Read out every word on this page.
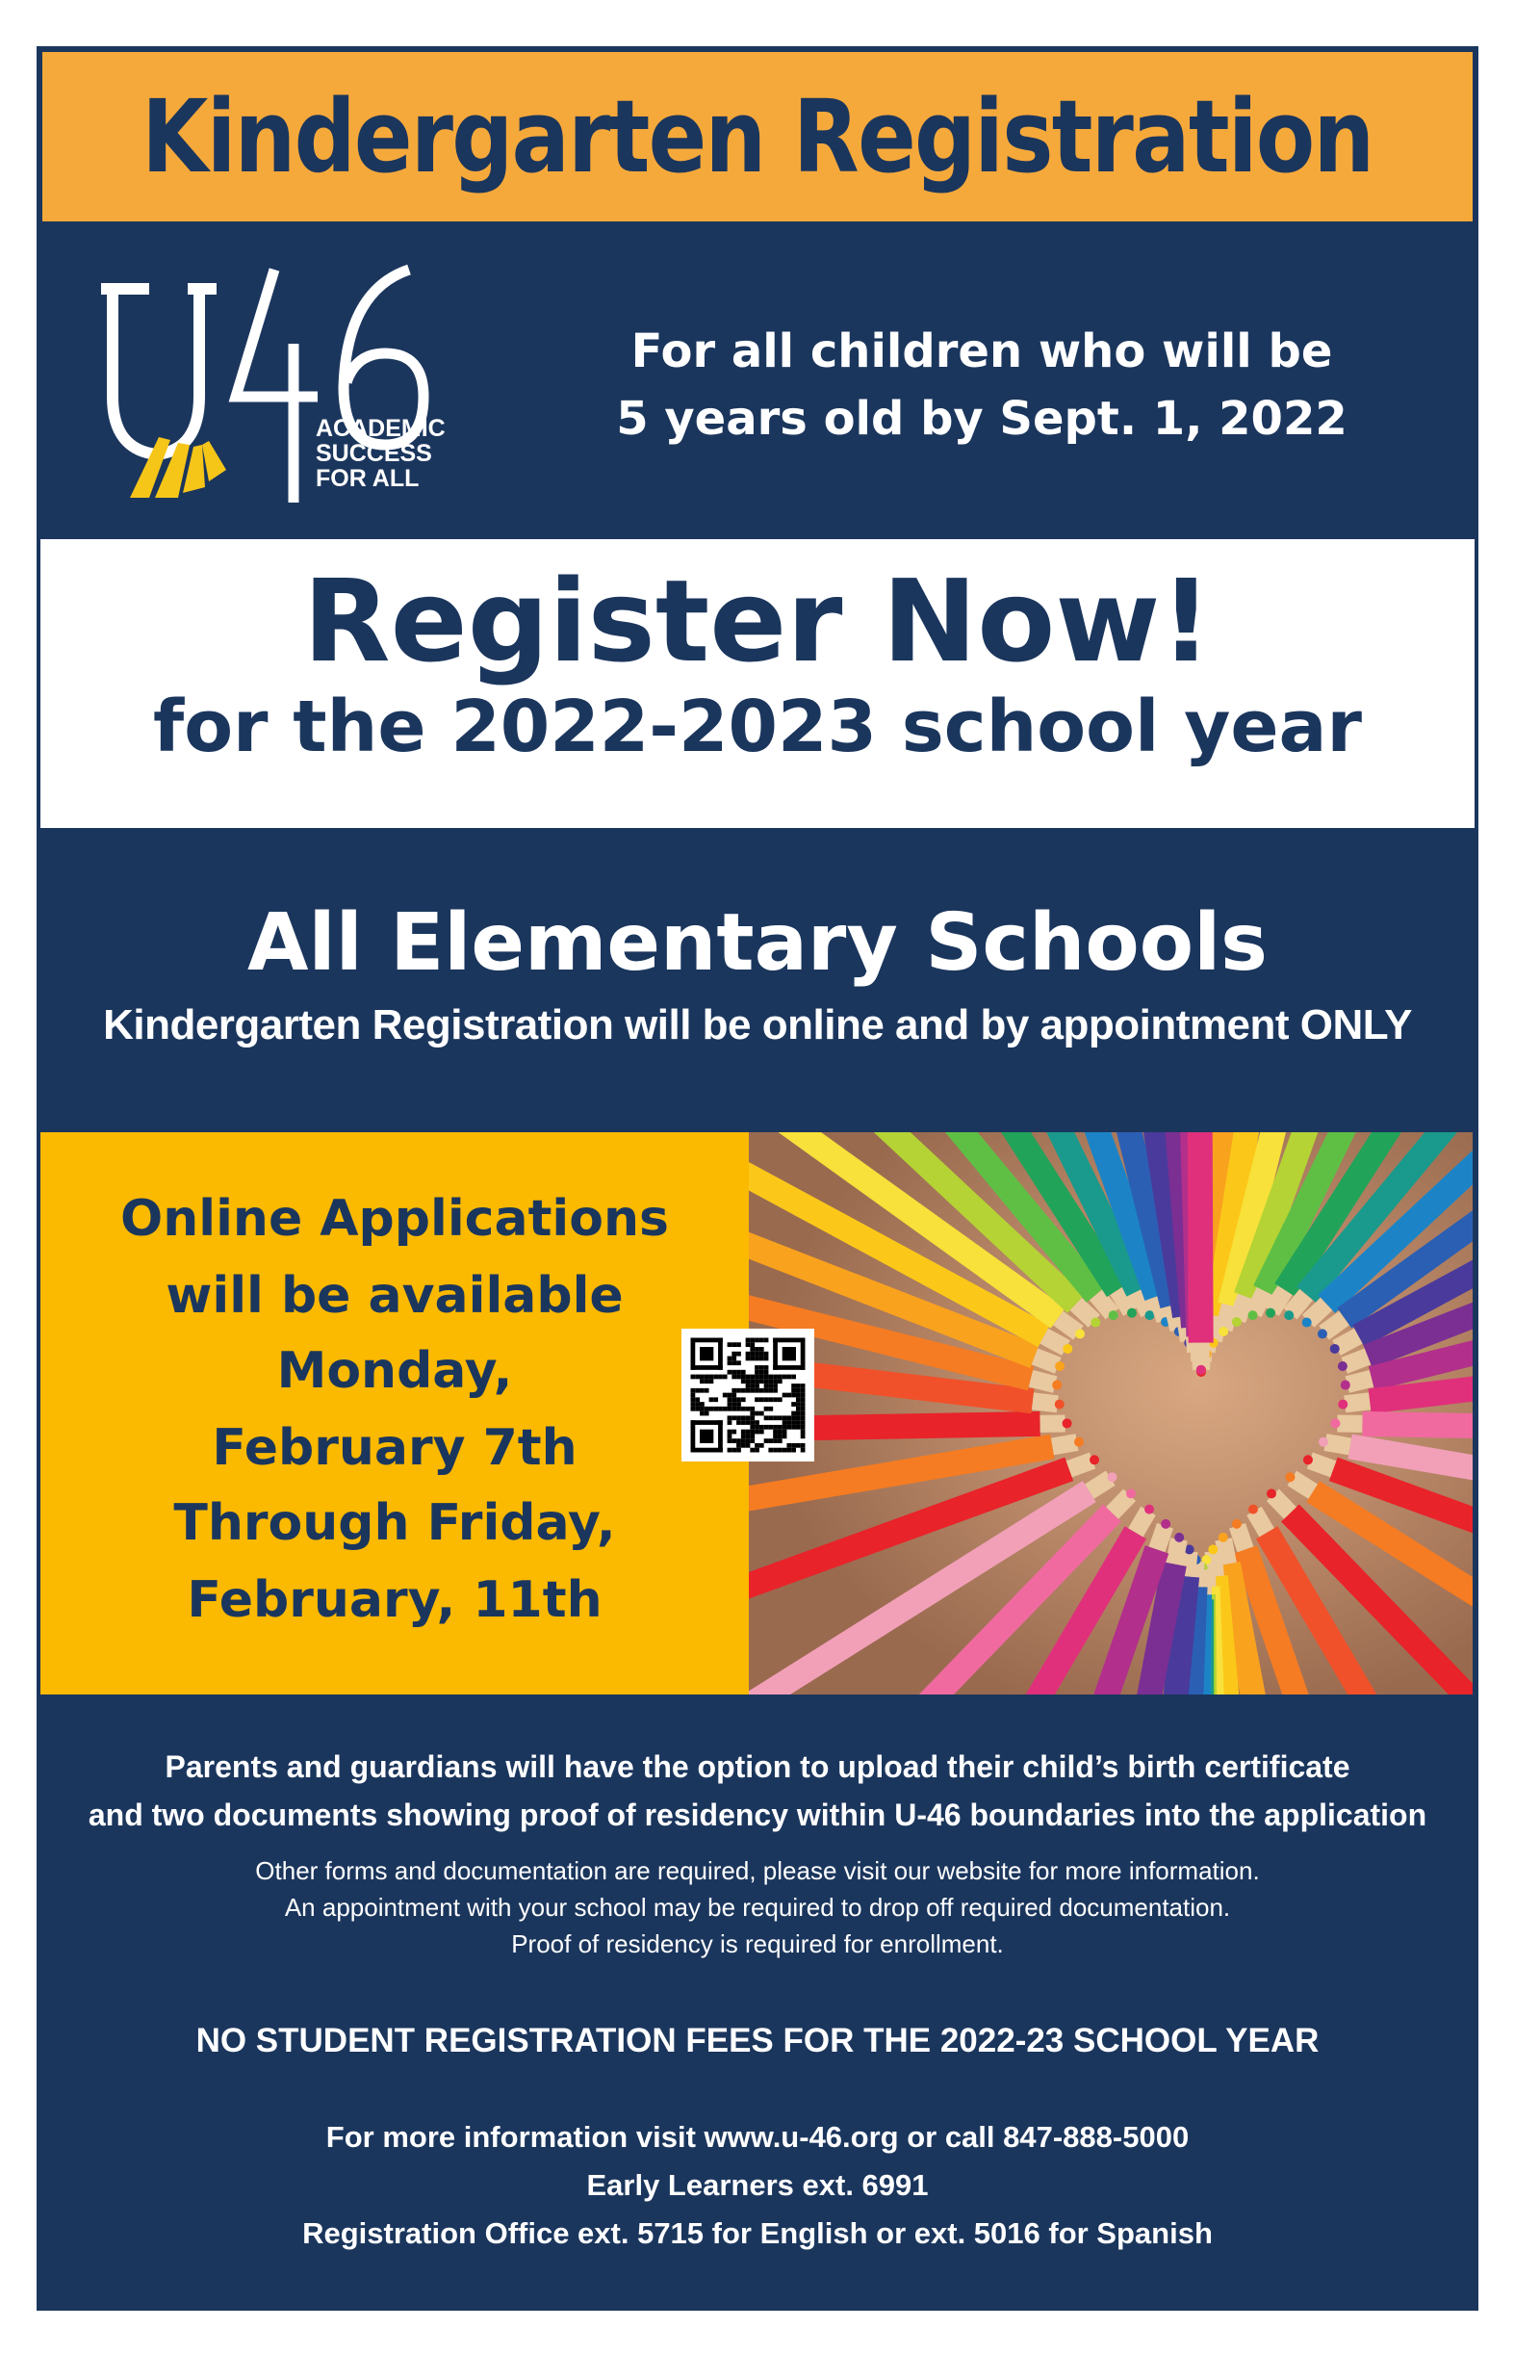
Kindergarten Registration
ACADEMIC
SUCCESS
FOR ALL
For all children who will be
5 years old by Sept. 1, 2022
Register Now!
for the 2022-2023 school year
All Elementary Schools
Kindergarten Registration will be online and by appointment ONLY
Online Applications
will be available
Monday,
February 7th
Through Friday,
February, 11th
Parents and guardians will have the option to upload their child’s birth certificate
and two documents showing proof of residency within U-46 boundaries into the application
Other forms and documentation are required, please visit our website for more information.
An appointment with your school may be required to drop off required documentation.
Proof of residency is required for enrollment.
NO STUDENT REGISTRATION FEES FOR THE 2022-23 SCHOOL YEAR
For more information visit www.u-46.org or call 847-888-5000
Early Learners ext. 6991
Registration Office ext. 5715 for English or ext. 5016 for Spanish
